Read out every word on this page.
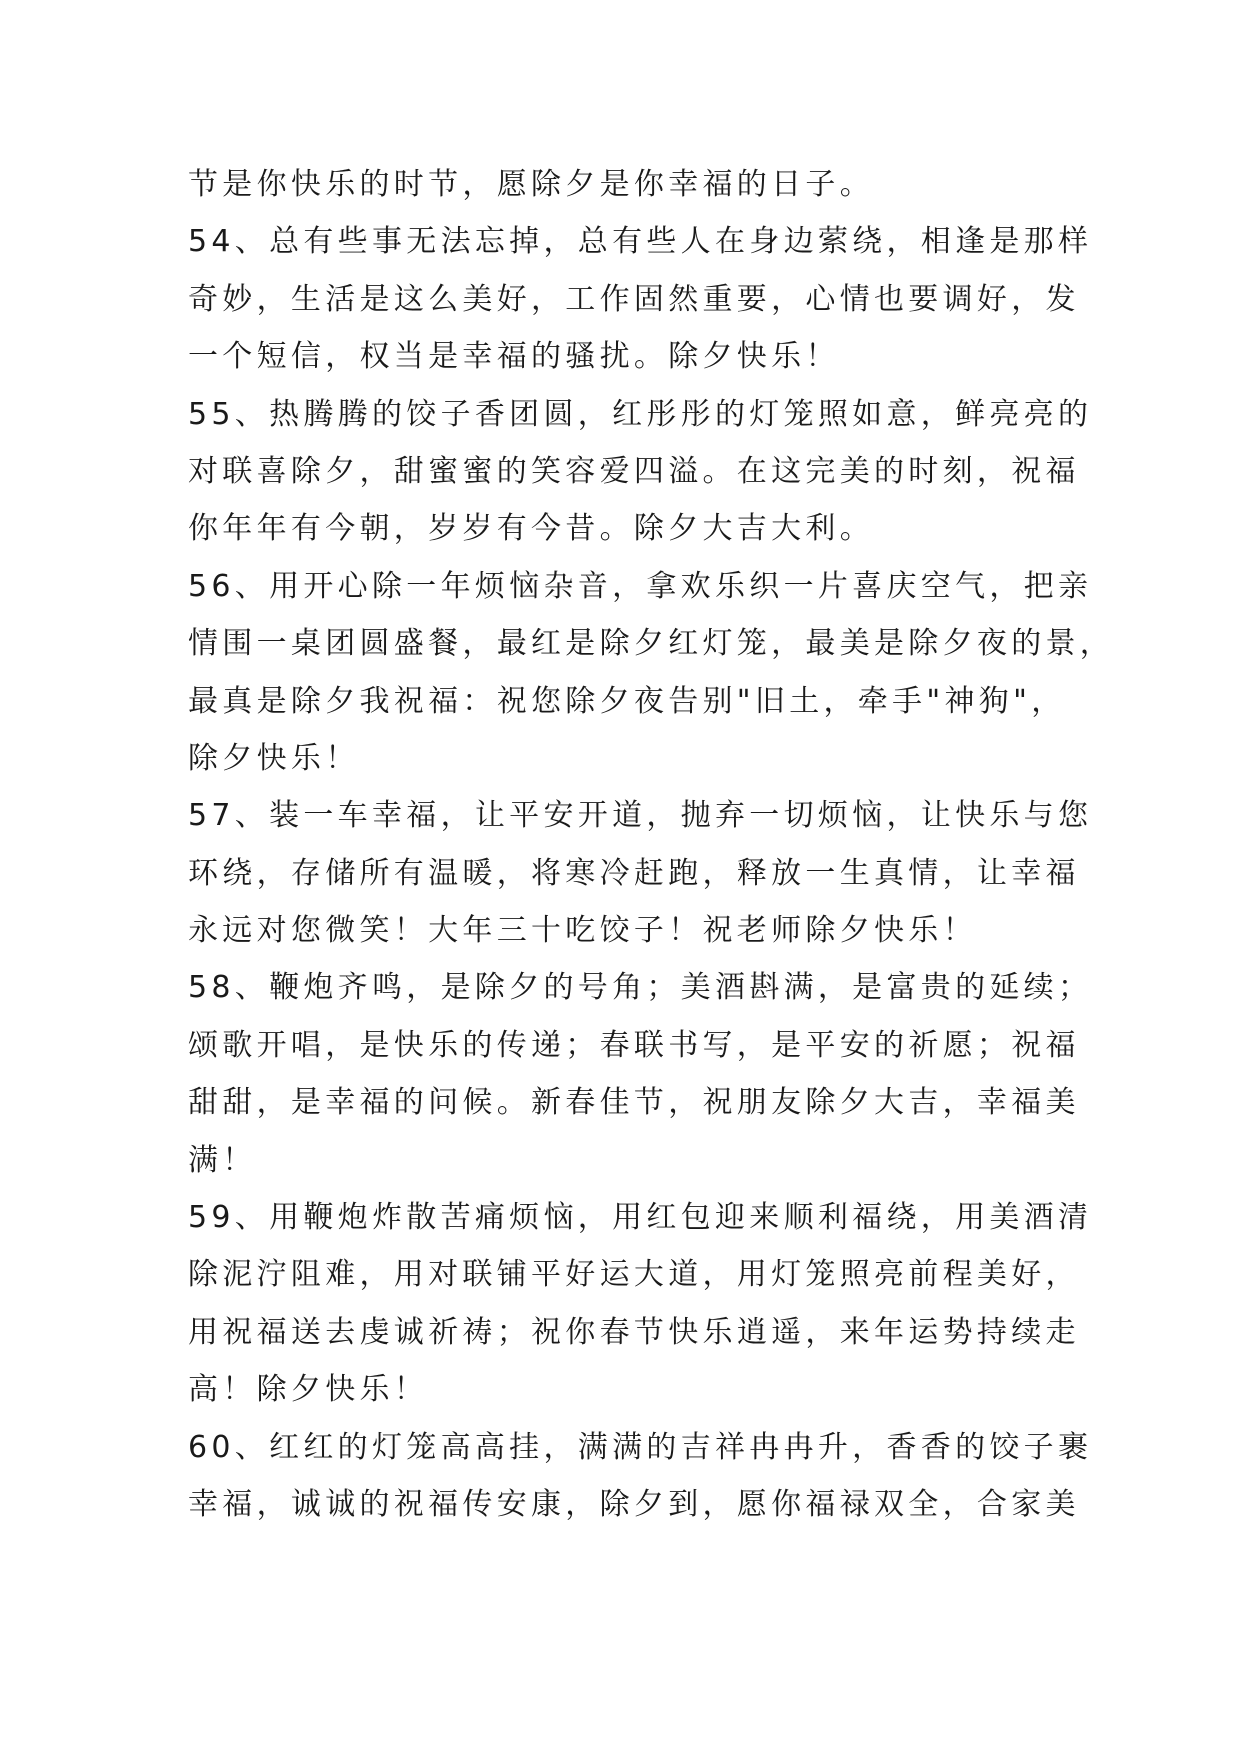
节是你快乐的时节，愿除夕是你幸福的日子。
54、总有些事无法忘掉，总有些人在身边萦绕，相逢是那样
奇妙，生活是这么美好，工作固然重要，心情也要调好，发
一个短信，权当是幸福的骚扰。除夕快乐！
55、热腾腾的饺子香团圆，红彤彤的灯笼照如意，鲜亮亮的
对联喜除夕，甜蜜蜜的笑容爱四溢。在这完美的时刻，祝福
你年年有今朝，岁岁有今昔。除夕大吉大利。
56、用开心除一年烦恼杂音，拿欢乐织一片喜庆空气，把亲
情围一桌团圆盛餐，最红是除夕红灯笼，最美是除夕夜的景，
最真是除夕我祝福：祝您除夕夜告别"旧土，牵手"神狗"，
除夕快乐！
57、装一车幸福，让平安开道，抛弃一切烦恼，让快乐与您
环绕，存储所有温暖，将寒冷赶跑，释放一生真情，让幸福
永远对您微笑！大年三十吃饺子！祝老师除夕快乐！
58、鞭炮齐鸣，是除夕的号角；美酒斟满，是富贵的延续；
颂歌开唱，是快乐的传递；春联书写，是平安的祈愿；祝福
甜甜，是幸福的问候。新春佳节，祝朋友除夕大吉，幸福美
满！
59、用鞭炮炸散苦痛烦恼，用红包迎来顺利福绕，用美酒清
除泥泞阻难，用对联铺平好运大道，用灯笼照亮前程美好，
用祝福送去虔诚祈祷；祝你春节快乐逍遥，来年运势持续走
高！除夕快乐！
60、红红的灯笼高高挂，满满的吉祥冉冉升，香香的饺子裹
幸福，诚诚的祝福传安康，除夕到，愿你福禄双全，合家美
